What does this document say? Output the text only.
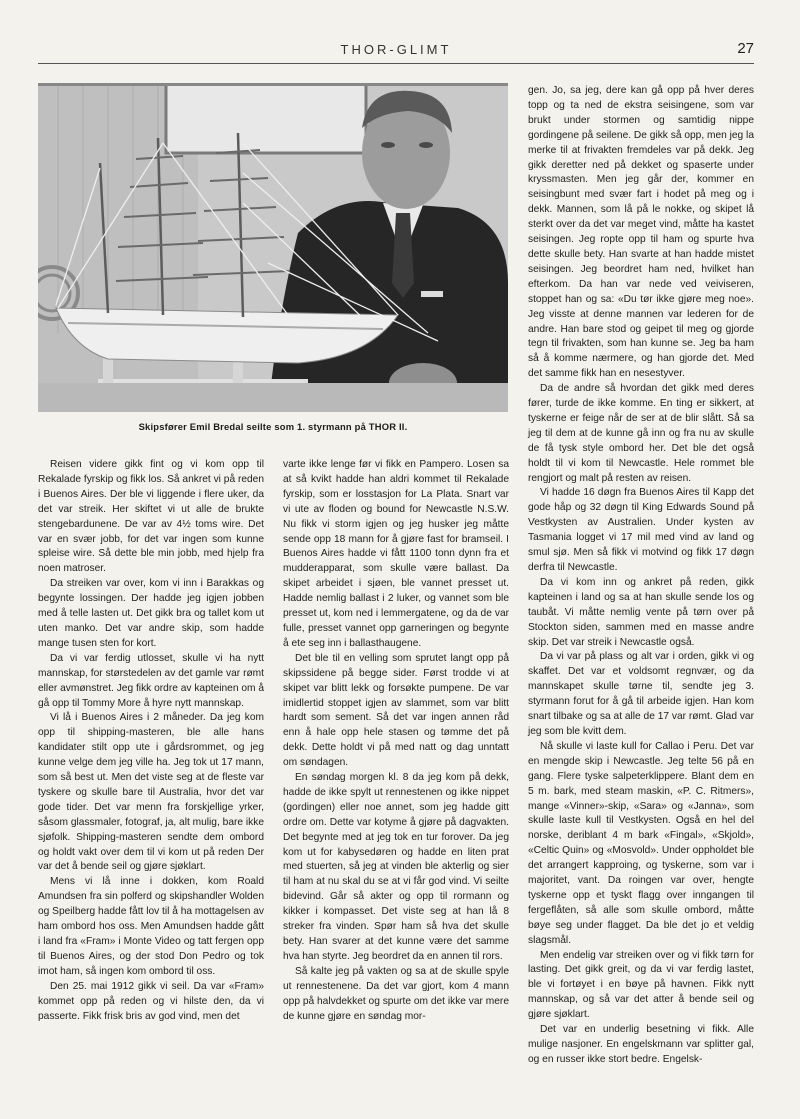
THOR-GLIMT	27
Skipsfører Emil Bredal seilte som 1. styrmann på THOR II.

Reisen videre gikk fint og vi kom opp til Rekalade fyrskip og fikk los. Så ankret vi på reden i Buenos Aires. Der ble vi liggende i flere uker, da det var streik. Her skiftet vi ut alle de brukte stengebardunene. De var av 4½ toms wire. Det var en svær jobb, for det var ingen som kunne spleise wire. Så dette ble min jobb, med hjelp fra noen matroser.

Da streiken var over, kom vi inn i Barakkas og begynte lossingen. Der hadde jeg igjen jobben med å telle lasten ut. Det gikk bra og tallet kom ut uten manko. Det var andre skip, som hadde mange tusen sten for kort.

Da vi var ferdig utlosset, skulle vi ha nytt mannskap, for størstedelen av det gamle var rømt eller avmønstret. Jeg fikk ordre av kapteinen om å gå opp til Tommy More å hyre nytt mannskap.

Vi lå i Buenos Aires i 2 måneder. Da jeg kom opp til shipping-masteren, ble alle hans kandidater stilt opp ute i gårdsrommet, og jeg kunne velge dem jeg ville ha. Jeg tok ut 17 mann, som så best ut. Men det viste seg at de fleste var tyskere og skulle bare til Australia, hvor det var gode tider. Det var menn fra forskjellige yrker, såsom glassmaler, fotograf, ja, alt mulig, bare ikke sjøfolk. Shipping-masteren sendte dem ombord og holdt vakt over dem til vi kom ut på reden Der var det å bende seil og gjøre sjøklart.

Mens vi lå inne i dokken, kom Roald Amundsen fra sin polferd og skipshandler Wolden og Speilberg hadde fått lov til å ha mottagelsen av ham ombord hos oss. Men Amundsen hadde gått i land fra «Fram» i Monte Video og tatt fergen opp til Buenos Aires, og der stod Don Pedro og tok imot ham, så ingen kom ombord til oss.

Den 25. mai 1912 gikk vi seil. Da var «Fram» kommet opp på reden og vi hilste den, da vi passerte. Fikk frisk bris av god vind, men det

varte ikke lenge før vi fikk en Pampero. Losen sa at så kvikt hadde han aldri kommet til Rekalade fyrskip, som er losstasjon for La Plata. Snart var vi ute av floden og bound for Newcastle N.S.W. Nu fikk vi storm igjen og jeg husker jeg måtte sende opp 18 mann for å gjøre fast for bramseil. I Buenos Aires hadde vi fått 1100 tonn dynn fra et mudderapparat, som skulle være ballast. Da skipet arbeidet i sjøen, ble vannet presset ut. Hadde nemlig ballast i 2 luker, og vannet som ble presset ut, kom ned i lemmergatene, og da de var fulle, presset vannet opp garneringen og begynte å ete seg inn i ballasthaugene.

Det ble til en velling som sprutet langt opp på skipssidene på begge sider. Først trodde vi at skipet var blitt lekk og forsøkte pumpene. De var imidlertid stoppet igjen av slammet, som var blitt hardt som sement. Så det var ingen annen råd enn å hale opp hele stasen og tømme det på dekk. Dette holdt vi på med natt og dag unntatt om søndagen.

En søndag morgen kl. 8 da jeg kom på dekk, hadde de ikke spylt ut rennestenen og ikke nippet (gordingen) eller noe annet, som jeg hadde gitt ordre om. Dette var kotyme å gjøre på dagvakten. Det begynte med at jeg tok en tur forover. Da jeg kom ut for kabysedøren og hadde en liten prat med stuerten, så jeg at vinden ble akterlig og sier til ham at nu skal du se at vi får god vind. Vi seilte bidevind. Går så akter og opp til rormann og kikker i kompasset. Det viste seg at han lå 8 streker fra vinden. Spør ham så hva det skulle bety. Han svarer at det kunne være det samme hva han styrte. Jeg beordret da en annen til rors.

Så kalte jeg på vakten og sa at de skulle spyle ut rennestenene. Da det var gjort, kom 4 mann opp på halvdekket og spurte om det ikke var mere de kunne gjøre en søndag mor-

gen. Jo, sa jeg, dere kan gå opp på hver deres topp og ta ned de ekstra seisingene, som var brukt under stormen og samtidig nippe gordingene på seilene. De gikk så opp, men jeg la merke til at frivakten fremdeles var på dekk. Jeg gikk deretter ned på dekket og spaserte under kryssmasten. Men jeg går der, kommer en seisingbunt med svær fart i hodet på meg og i dekk. Mannen, som lå på le nokke, og skipet lå sterkt over da det var meget vind, måtte ha kastet seisingen. Jeg ropte opp til ham og spurte hva dette skulle bety. Han svarte at han hadde mistet seisingen. Jeg beordret ham ned, hvilket han efterkom. Da han var nede ved veiviseren, stoppet han og sa: «Du tør ikke gjøre meg noe». Jeg visste at denne mannen var lederen for de andre. Han bare stod og geipet til meg og gjorde tegn til frivakten, som han kunne se. Jeg ba ham så å komme nærmere, og han gjorde det. Med det samme fikk han en nesestyver.

Da de andre så hvordan det gikk med deres fører, turde de ikke komme. En ting er sikkert, at tyskerne er feige når de ser at de blir slått. Så sa jeg til dem at de kunne gå inn og fra nu av skulle de få tysk style ombord her. Det ble det også holdt til vi kom til Newcastle. Hele rommet ble rengjort og malt på resten av reisen.

Vi hadde 16 døgn fra Buenos Aires til Kapp det gode håp og 32 døgn til King Edwards Sound på Vestkysten av Australien. Under kysten av Tasmania logget vi 17 mil med vind av land og smul sjø. Men så fikk vi motvind og fikk 17 døgn derfra til Newcastle.

Da vi kom inn og ankret på reden, gikk kapteinen i land og sa at han skulle sende los og taubåt. Vi måtte nemlig vente på tørn over på Stockton siden, sammen med en masse andre skip. Det var streik i Newcastle også.

Da vi var på plass og alt var i orden, gikk vi og skaffet. Det var et voldsomt regnvær, og da mannskapet skulle tørne til, sendte jeg 3. styrmann forut for å gå til arbeide igjen. Han kom snart tilbake og sa at alle de 17 var rømt. Glad var jeg som ble kvitt dem.

Nå skulle vi laste kull for Callao i Peru. Det var en mengde skip i Newcastle. Jeg telte 56 på en gang. Flere tyske salpeterklippere. Blant dem en 5 m. bark, med steam maskin, «P. C. Ritmers», mange «Vinner»-skip, «Sara» og «Janna», som skulle laste kull til Vestkysten. Også en hel del norske, deriblant 4 m bark «Fingal», «Skjold», «Celtic Quin» og «Mosvold». Under oppholdet ble det arrangert kapproing, og tyskerne, som var i majoritet, vant. Da roingen var over, hengte tyskerne opp et tyskt flagg over inngangen til fergeflåten, så alle som skulle ombord, måtte bøye seg under flagget. Da ble det jo et veldig slagsmål.

Men endelig var streiken over og vi fikk tørn for lasting. Det gikk greit, og da vi var ferdig lastet, ble vi fortøyet i en bøye på havnen. Fikk nytt mannskap, og så var det atter å bende seil og gjøre sjøklart.

Det var en underlig besetning vi fikk. Alle mulige nasjoner. En engelskmann var splitter gal, og en russer ikke stort bedre. Engelsk-
